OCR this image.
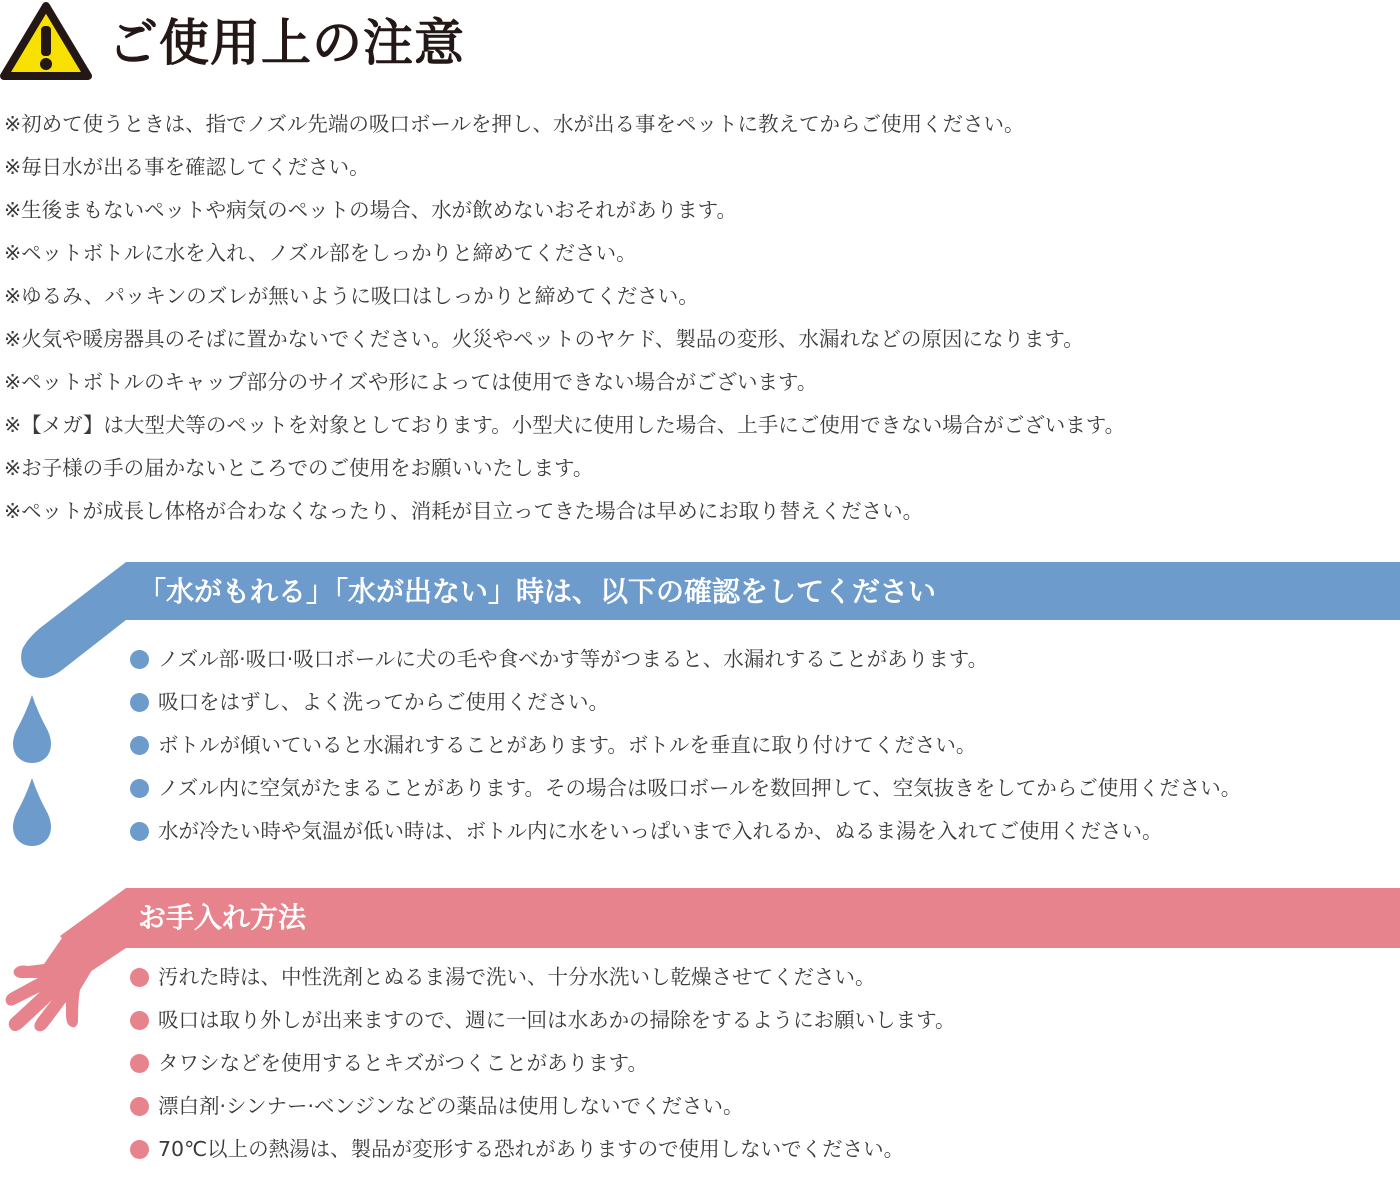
ご使用上の注意
※初めて使うときは、指でノズル先端の吸口ボールを押し、水が出る事をペットに教えてからご使用ください。
※毎日水が出る事を確認してください。
※生後まもないペットや病気のペットの場合、水が飲めないおそれがあります。
※ペットボトルに水を入れ、ノズル部をしっかりと締めてください。
※ゆるみ、パッキンのズレが無いように吸口はしっかりと締めてください。
※火気や暖房器具のそばに置かないでください。火災やペットのヤケド、製品の変形、水漏れなどの原因になります。
※ペットボトルのキャップ部分のサイズや形によっては使用できない場合がございます。
※【メガ】は大型犬等のペットを対象としております。小型犬に使用した場合、上手にご使用できない場合がございます。
※お子様の手の届かないところでのご使用をお願いいたします。
※ペットが成長し体格が合わなくなったり、消耗が目立ってきた場合は早めにお取り替えください。
「水がもれる」「水が出ない」時は、以下の確認をしてください
ノズル部·吸口·吸口ボールに犬の毛や食べかす等がつまると、水漏れすることがあります。
吸口をはずし、よく洗ってからご使用ください。
ボトルが傾いていると水漏れすることがあります。ボトルを垂直に取り付けてください。
ノズル内に空気がたまることがあります。その場合は吸口ボールを数回押して、空気抜きをしてからご使用ください。
水が冷たい時や気温が低い時は、ボトル内に水をいっぱいまで入れるか、ぬるま湯を入れてご使用ください。
お手入れ方法
汚れた時は、中性洗剤とぬるま湯で洗い、十分水洗いし乾燥させてください。
吸口は取り外しが出来ますので、週に一回は水あかの掃除をするようにお願いします。
タワシなどを使用するとキズがつくことがあります。
漂白剤·シンナー·ベンジンなどの薬品は使用しないでください。
70℃以上の熱湯は、製品が変形する恐れがありますので使用しないでください。
